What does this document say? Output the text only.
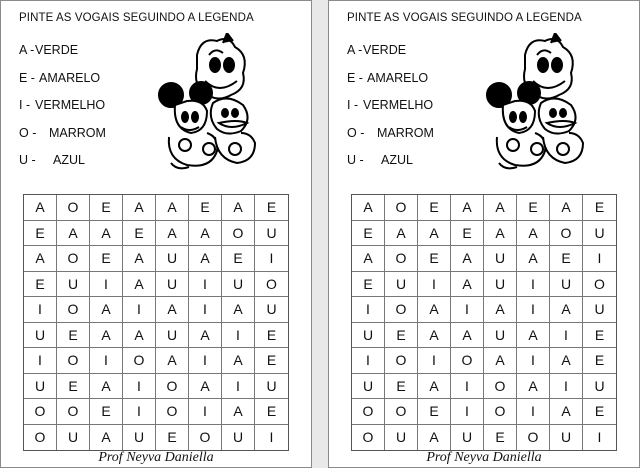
PINTE AS VOGAIS SEGUINDO A LEGENDA
A - VERDE
E - AMARELO
I - VERMELHO
O - MARROM
U - AZUL
A O E A A E A E
E A A E A A O U
A O E A U A E I
E U I A U I U O
I O A I A I A U
U E A A U A I E
I O I O A I A E
U E A I O A I U
O O E I O I A E
O U A U E O U I
Prof Neyva Daniella
PINTE AS VOGAIS SEGUINDO A LEGENDA
A - VERDE
E - AMARELO
I - VERMELHO
O - MARROM
U - AZUL
A O E A A E A E
E A A E A A O U
A O E A U A E I
E U I A U I U O
I O A I A I A U
U E A A U A I E
I O I O A I A E
U E A I O A I U
O O E I O I A E
O U A U E O U I
Prof Neyva Daniella
